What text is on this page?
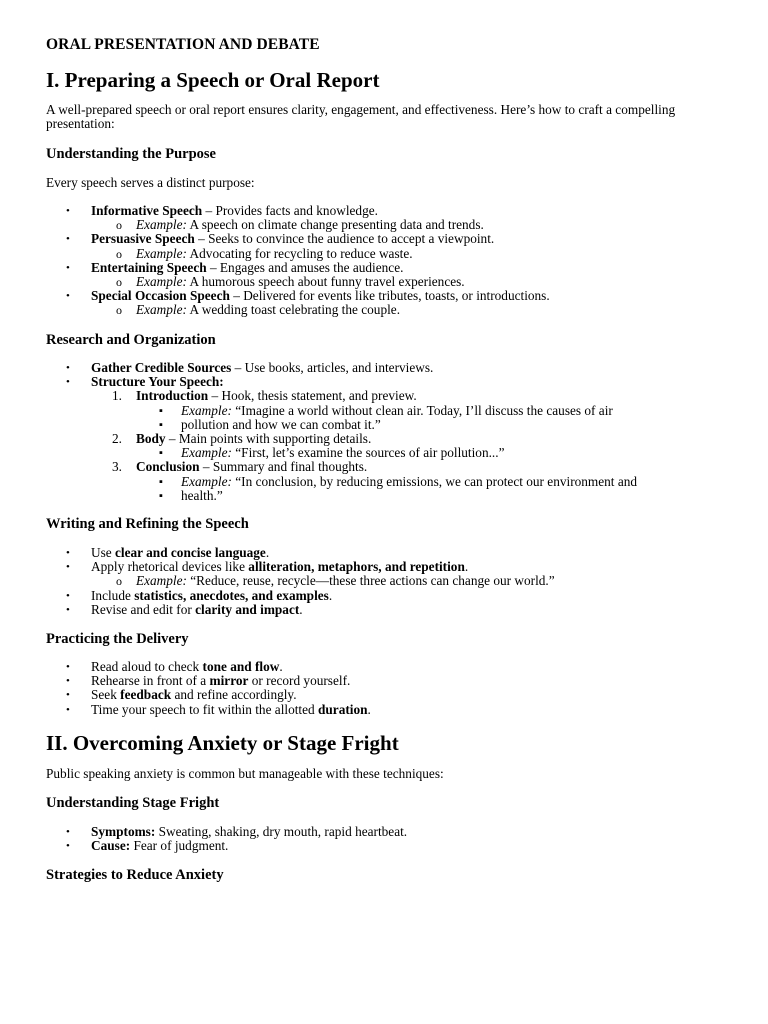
ORAL PRESENTATION AND DEBATE
I. Preparing a Speech or Oral Report

A well-prepared speech or oral report ensures clarity, engagement, and effectiveness. Here’s how to craft a compelling presentation:

Understanding the Purpose

Every speech serves a distinct purpose:

• Informative Speech – Provides facts and knowledge.
o Example: A speech on climate change presenting data and trends.
• Persuasive Speech – Seeks to convince the audience to accept a viewpoint.
o Example: Advocating for recycling to reduce waste.
• Entertaining Speech – Engages and amuses the audience.
o Example: A humorous speech about funny travel experiences.
• Special Occasion Speech – Delivered for events like tributes, toasts, or introductions.
o Example: A wedding toast celebrating the couple.
Research and Organization
• Gather Credible Sources – Use books, articles, and interviews.
• Structure Your Speech:
1. Introduction – Hook, thesis statement, and preview.
▪ Example: “Imagine a world without clean air. Today, I’ll discuss the causes of air
▪ pollution and how we can combat it.”
2. Body – Main points with supporting details.
▪ Example: “First, let’s examine the sources of air pollution...”
3. Conclusion – Summary and final thoughts.
▪ Example: “In conclusion, by reducing emissions, we can protect our environment and
▪ health.”
Writing and Refining the Speech
• Use clear and concise language.
• Apply rhetorical devices like alliteration, metaphors, and repetition.
o Example: “Reduce, reuse, recycle—these three actions can change our world.”
• Include statistics, anecdotes, and examples.
• Revise and edit for clarity and impact.
Practicing the Delivery
• Read aloud to check tone and flow.
• Rehearse in front of a mirror or record yourself.
• Seek feedback and refine accordingly.
• Time your speech to fit within the allotted duration.
II. Overcoming Anxiety or Stage Fright

Public speaking anxiety is common but manageable with these techniques:

Understanding Stage Fright
• Symptoms: Sweating, shaking, dry mouth, rapid heartbeat.
• Cause: Fear of judgment.
Strategies to Reduce Anxiety
